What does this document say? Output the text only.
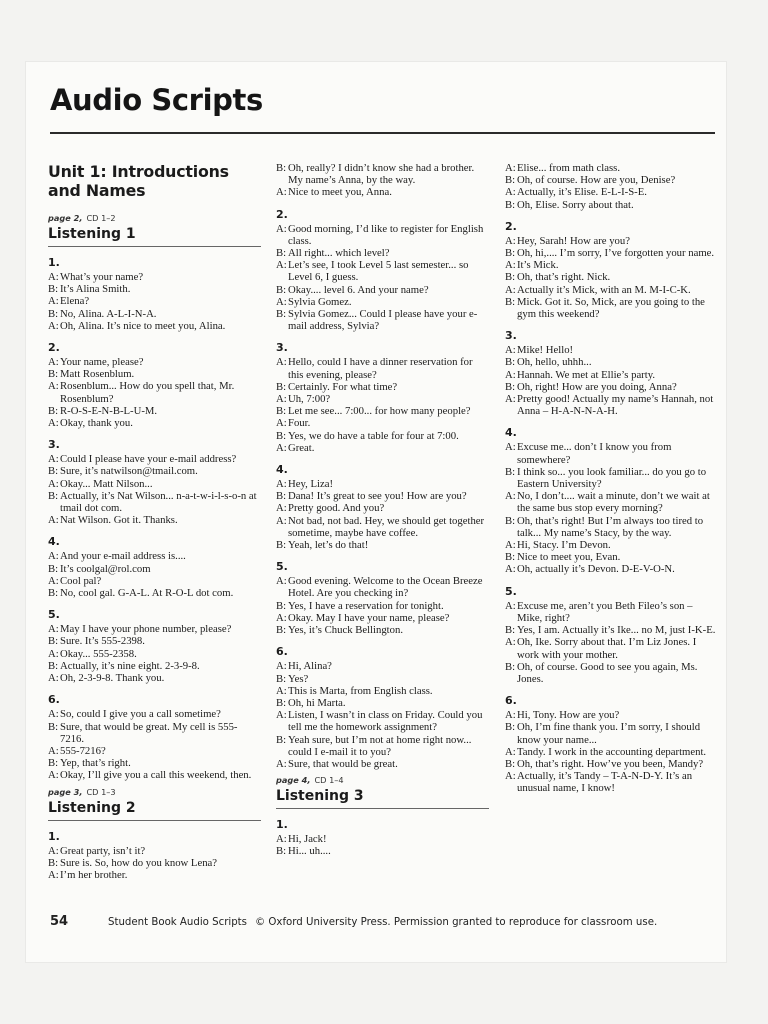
Audio Scripts
Unit 1: Introductions
and Names
page 2, CD 1–2
Listening 1
1.
A: What’s your name?
B: It’s Alina Smith.
A: Elena?
B: No, Alina. A-L-I-N-A.
A: Oh, Alina. It’s nice to meet you, Alina.
2.
A: Your name, please?
B: Matt Rosenblum.
A: Rosenblum... How do you spell that, Mr. Rosenblum?
B: R-O-S-E-N-B-L-U-M.
A: Okay, thank you.
3.
A: Could I please have your e-mail address?
B: Sure, it’s natwilson@tmail.com.
A: Okay... Matt Nilson...
B: Actually, it’s Nat Wilson... n-a-t-w-i-l-s-o-n at tmail dot com.
A: Nat Wilson. Got it. Thanks.
4.
A: And your e-mail address is....
B: It’s coolgal@rol.com
A: Cool pal?
B: No, cool gal. G-A-L. At R-O-L dot com.
5.
A: May I have your phone number, please?
B: Sure. It’s 555-2398.
A: Okay... 555-2358.
B: Actually, it’s nine eight. 2-3-9-8.
A: Oh, 2-3-9-8. Thank you.
6.
A: So, could I give you a call sometime?
B: Sure, that would be great. My cell is 555-7216.
A: 555-7216?
B: Yep, that’s right.
A: Okay, I’ll give you a call this weekend, then.
page 3, CD 1–3
Listening 2
1.
A: Great party, isn’t it?
B: Sure is. So, how do you know Lena?
A: I’m her brother.
B: Oh, really? I didn’t know she had a brother. My name’s Anna, by the way.
A: Nice to meet you, Anna.
2.
A: Good morning, I’d like to register for English class.
B: All right... which level?
A: Let’s see, I took Level 5 last semester... so Level 6, I guess.
B: Okay.... level 6. And your name?
A: Sylvia Gomez.
B: Sylvia Gomez... Could I please have your e-mail address, Sylvia?
3.
A: Hello, could I have a dinner reservation for this evening, please?
B: Certainly. For what time?
A: Uh, 7:00?
B: Let me see... 7:00... for how many people?
A: Four.
B: Yes, we do have a table for four at 7:00.
A: Great.
4.
A: Hey, Liza!
B: Dana! It’s great to see you! How are you?
A: Pretty good. And you?
A: Not bad, not bad. Hey, we should get together sometime, maybe have coffee.
B: Yeah, let’s do that!
5.
A: Good evening. Welcome to the Ocean Breeze Hotel. Are you checking in?
B: Yes, I have a reservation for tonight.
A: Okay. May I have your name, please?
B: Yes, it’s Chuck Bellington.
6.
A: Hi, Alina?
B: Yes?
A: This is Marta, from English class.
B: Oh, hi Marta.
A: Listen, I wasn’t in class on Friday. Could you tell me the homework assignment?
B: Yeah sure, but I’m not at home right now... could I e-mail it to you?
A: Sure, that would be great.
page 4, CD 1–4
Listening 3
1.
A: Hi, Jack!
B: Hi... uh....
A: Elise... from math class.
B: Oh, of course. How are you, Denise?
A: Actually, it’s Elise. E-L-I-S-E.
B: Oh, Elise. Sorry about that.
2.
A: Hey, Sarah! How are you?
B: Oh, hi,.... I’m sorry, I’ve forgotten your name.
A: It’s Mick.
B: Oh, that’s right. Nick.
A: Actually it’s Mick, with an M. M-I-C-K.
B: Mick. Got it. So, Mick, are you going to the gym this weekend?
3.
A: Mike! Hello!
B: Oh, hello, uhhh...
A: Hannah. We met at Ellie’s party.
B: Oh, right! How are you doing, Anna?
A: Pretty good! Actually my name’s Hannah, not Anna – H-A-N-N-A-H.
4.
A: Excuse me... don’t I know you from somewhere?
B: I think so... you look familiar... do you go to Eastern University?
A: No, I don’t.... wait a minute, don’t we wait at the same bus stop every morning?
B: Oh, that’s right! But I’m always too tired to talk... My name’s Stacy, by the way.
A: Hi, Stacy. I’m Devon.
B: Nice to meet you, Evan.
A: Oh, actually it’s Devon. D-E-V-O-N.
5.
A: Excuse me, aren’t you Beth Fileo’s son – Mike, right?
B: Yes, I am. Actually it’s Ike... no M, just I-K-E.
A: Oh, Ike. Sorry about that. I’m Liz Jones. I work with your mother.
B: Oh, of course. Good to see you again, Ms. Jones.
6.
A: Hi, Tony. How are you?
B: Oh, I’m fine thank you. I’m sorry, I should know your name...
A: Tandy. I work in the accounting department.
B: Oh, that’s right. How’ve you been, Mandy?
A: Actually, it’s Tandy – T-A-N-D-Y. It’s an unusual name, I know!
54	Student Book Audio Scripts © Oxford University Press. Permission granted to reproduce for classroom use.
